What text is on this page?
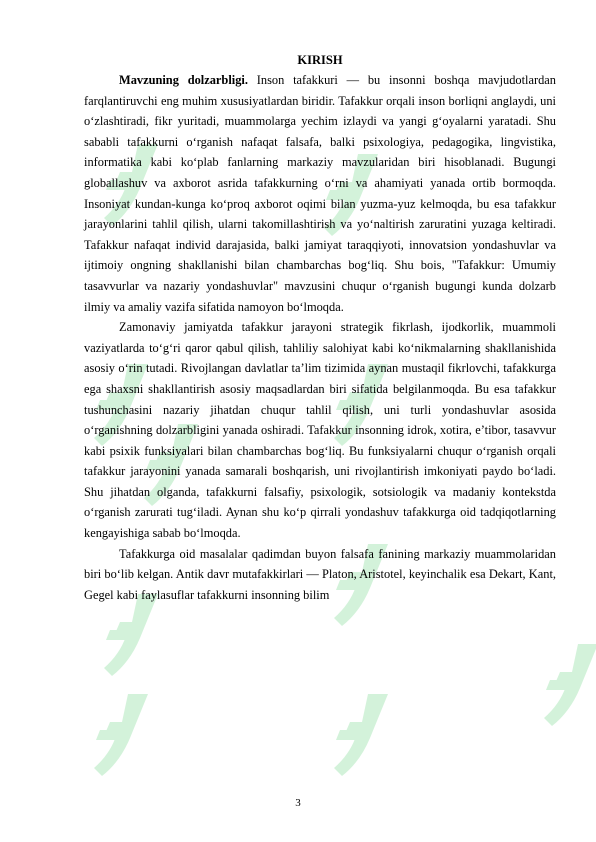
KIRISH

Mavzuning dolzarbligi. Inson tafakkuri — bu insonni boshqa mavjudotlardan farqlantiruvchi eng muhim xususiyatlardan biridir. Tafakkur orqali inson borliqni anglaydi, uni o‘zlashtiradi, fikr yuritadi, muammolarga yechim izlaydi va yangi g‘oyalarni yaratadi. Shu sababli tafakkurni o‘rganish nafaqat falsafa, balki psixologiya, pedagogika, lingvistika, informatika kabi ko‘plab fanlarning markaziy mavzularidan biri hisoblanadi. Bugungi globallashuv va axborot asrida tafakkurning o‘rni va ahamiyati yanada ortib bormoqda. Insoniyat kundan-kunga ko‘proq axborot oqimi bilan yuzma-yuz kelmoqda, bu esa tafakkur jarayonlarini tahlil qilish, ularni takomillashtirish va yo‘naltirish zaruratini yuzaga keltiradi. Tafakkur nafaqat individ darajasida, balki jamiyat taraqqiyoti, innovatsion yondashuvlar va ijtimoiy ongning shakllanishi bilan chambarchas bog‘liq. Shu bois, "Tafakkur: Umumiy tasavvurlar va nazariy yondashuvlar" mavzusini chuqur o‘rganish bugungi kunda dolzarb ilmiy va amaliy vazifa sifatida namoyon bo‘lmoqda.

Zamonaviy jamiyatda tafakkur jarayoni strategik fikrlash, ijodkorlik, muammoli vaziyatlarda to‘g‘ri qaror qabul qilish, tahliliy salohiyat kabi ko‘nikmalarning shakllanishida asosiy o‘rin tutadi. Rivojlangan davlatlar ta’lim tizimida aynan mustaqil fikrlovchi, tafakkurga ega shaxsni shakllantirish asosiy maqsadlardan biri sifatida belgilanmoqda. Bu esa tafakkur tushunchasini nazariy jihatdan chuqur tahlil qilish, uni turli yondashuvlar asosida o‘rganishning dolzarbligini yanada oshiradi. Tafakkur insonning idrok, xotira, e’tibor, tasavvur kabi psixik funksiyalari bilan chambarchas bog‘liq. Bu funksiyalarni chuqur o‘rganish orqali tafakkur jarayonini yanada samarali boshqarish, uni rivojlantirish imkoniyati paydo bo‘ladi. Shu jihatdan olganda, tafakkurni falsafiy, psixologik, sotsiologik va madaniy kontekstda o‘rganish zarurati tug‘iladi. Aynan shu ko‘p qirrali yondashuv tafakkurga oid tadqiqotlarning kengayishiga sabab bo‘lmoqda.

Tafakkurga oid masalalar qadimdan buyon falsafa fanining markaziy muammolaridan biri bo‘lib kelgan. Antik davr mutafakkirlari — Platon, Aristotel, keyinchalik esa Dekart, Kant, Gegel kabi faylasuflar tafakkurni insonning bilim

3
